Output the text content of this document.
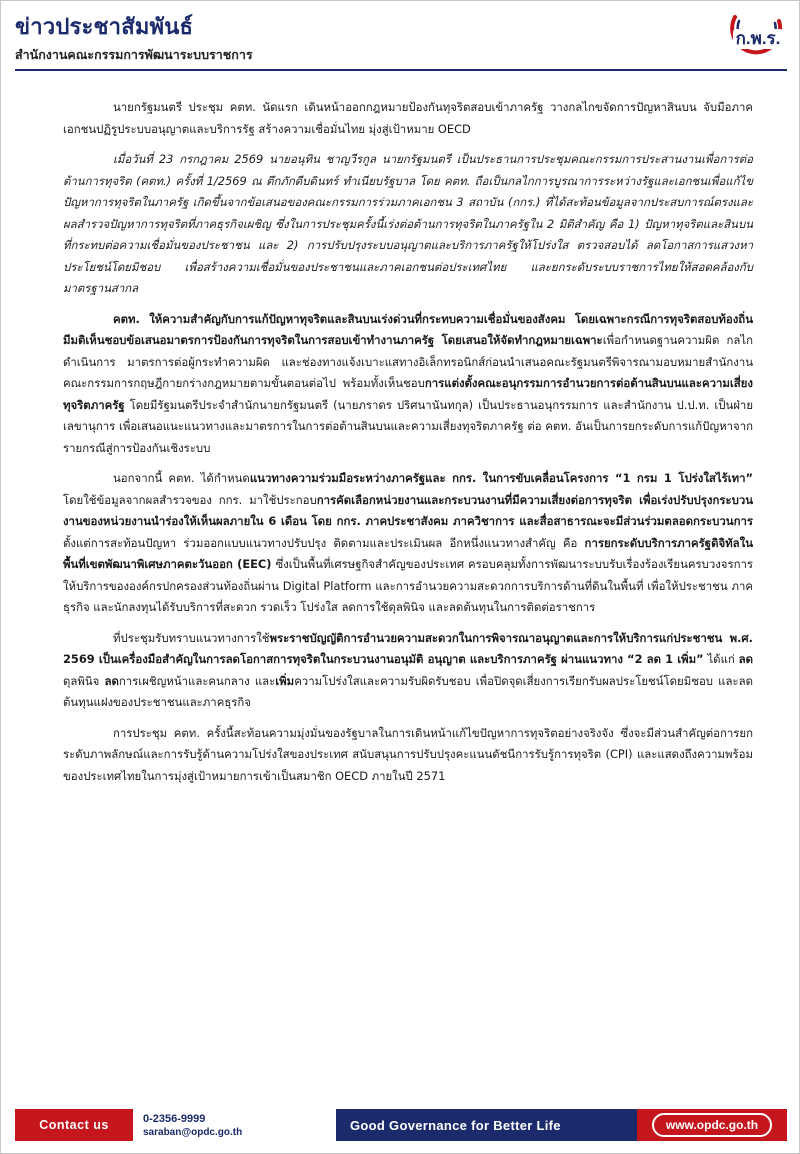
ข่าวประชาสัมพันธ์
สำนักงานคณะกรรมการพัฒนาระบบราชการ
ก.พ.ร.

นายกรัฐมนตรี ประชุม คตท. นัดแรก เดินหน้าออกกฎหมายป้องกันทุจริตสอบเข้าภาครัฐ วางกลไกขจัดการปัญหาสินบน จับมือภาคเอกชนปฏิรูประบบอนุญาตและบริการรัฐ สร้างความเชื่อมั่นไทย มุ่งสู่เป้าหมาย OECD

เมื่อวันที่ 23 กรกฎาคม 2569 นายอนุทิน ชาญวีรกูล นายกรัฐมนตรี เป็นประธานการประชุมคณะกรรมการประสานงานเพื่อการต่อต้านการทุจริต (คตท.) ครั้งที่ 1/2569 ณ ตึกภักดีบดินทร์ ทำเนียบรัฐบาล โดย คตท. ถือเป็นกลไกการบูรณาการระหว่างรัฐและเอกชนเพื่อแก้ไขปัญหาการทุจริตในภาครัฐ เกิดขึ้นจากข้อเสนอของคณะกรรมการร่วมภาคเอกชน 3 สถาบัน (กกร.) ที่ได้สะท้อนข้อมูลจากประสบการณ์ตรงและผลสำรวจปัญหาการทุจริตที่ภาคธุรกิจเผชิญ ซึ่งในการประชุมครั้งนี้เร่งต่อต้านการทุจริตในภาครัฐใน 2 มิติสำคัญ คือ 1) ปัญหาทุจริตและสินบนที่กระทบต่อความเชื่อมั่นของประชาชน และ 2) การปรับปรุงระบบอนุญาตและบริการภาครัฐให้โปร่งใส ตรวจสอบได้ ลดโอกาสการแสวงหาประโยชน์โดยมิชอบ เพื่อสร้างความเชื่อมั่นของประชาชนและภาคเอกชนต่อประเทศไทย และยกระดับระบบราชการไทยให้สอดคล้องกับมาตรฐานสากล

คตท. ให้ความสำคัญกับการแก้ปัญหาทุจริตและสินบนเร่งด่วนที่กระทบความเชื่อมั่นของสังคม โดยเฉพาะกรณีการทุจริตสอบท้องถิ่น มีมติเห็นชอบข้อเสนอมาตรการป้องกันการทุจริตในการสอบเข้าทำงานภาครัฐ โดยเสนอให้จัดทำกฎหมายเฉพาะเพื่อกำหนดฐานความผิด กลไกดำเนินการ มาตรการต่อผู้กระทำความผิด และช่องทางแจ้งเบาะแสทางอิเล็กทรอนิกส์ก่อนนำเสนอคณะรัฐมนตรีพิจารณามอบหมายสำนักงานคณะกรรมการกฤษฎีกายกร่างกฎหมายตามขั้นตอนต่อไป พร้อมทั้งเห็นชอบการแต่งตั้งคณะอนุกรรมการอำนวยการต่อต้านสินบนและความเสี่ยงทุจริตภาครัฐ โดยมีรัฐมนตรีประจำสำนักนายกรัฐมนตรี (นายภราดร ปริศนานันทกุล) เป็นประธานอนุกรรมการ และสำนักงาน ป.ป.ท. เป็นฝ่ายเลขานุการ เพื่อเสนอแนะแนวทางและมาตรการในการต่อต้านสินบนและความเสี่ยงทุจริตภาครัฐ ต่อ คตท. อันเป็นการยกระดับการแก้ปัญหาจากรายกรณีสู่การป้องกันเชิงระบบ

นอกจากนี้ คตท. ได้กำหนดแนวทางความร่วมมือระหว่างภาครัฐและ กกร. ในการขับเคลื่อนโครงการ “1 กรม 1 โปร่งใสไร้เทา” โดยใช้ข้อมูลจากผลสำรวจของ กกร. มาใช้ประกอบการคัดเลือกหน่วยงานและกระบวนงานที่มีความเสี่ยงต่อการทุจริต เพื่อเร่งปรับปรุงกระบวนงานของหน่วยงานนำร่องให้เห็นผลภายใน 6 เดือน โดย กกร. ภาคประชาสังคม ภาควิชาการ และสื่อสาธารณะจะมีส่วนร่วมตลอดกระบวนการ ตั้งแต่การสะท้อนปัญหา ร่วมออกแบบแนวทางปรับปรุง ติดตามและประเมินผล อีกหนึ่งแนวทางสำคัญ คือ การยกระดับบริการภาครัฐดิจิทัลในพื้นที่เขตพัฒนาพิเศษภาคตะวันออก (EEC) ซึ่งเป็นพื้นที่เศรษฐกิจสำคัญของประเทศ ครอบคลุมทั้งการพัฒนาระบบรับเรื่องร้องเรียนครบวงจรการให้บริการขององค์กรปกครองส่วนท้องถิ่นผ่าน Digital Platform และการอำนวยความสะดวกการบริการด้านที่ดินในพื้นที่ เพื่อให้ประชาชน ภาคธุรกิจ และนักลงทุนได้รับบริการที่สะดวก รวดเร็ว โปร่งใส ลดการใช้ดุลพินิจ และลดต้นทุนในการติดต่อราชการ

ที่ประชุมรับทราบแนวทางการใช้พระราชบัญญัติการอำนวยความสะดวกในการพิจารณาอนุญาตและการให้บริการแก่ประชาชน พ.ศ. 2569 เป็นเครื่องมือสำคัญในการลดโอกาสการทุจริตในกระบวนงานอนุมัติ อนุญาต และบริการภาครัฐ ผ่านแนวทาง “2 ลด 1 เพิ่ม” ได้แก่ ลดดุลพินิจ ลดการเผชิญหน้าและคนกลาง และเพิ่มความโปร่งใสและความรับผิดรับชอบ เพื่อปิดจุดเสี่ยงการเรียกรับผลประโยชน์โดยมิชอบ และลดต้นทุนแฝงของประชาชนและภาคธุรกิจ

การประชุม คตท. ครั้งนี้สะท้อนความมุ่งมั่นของรัฐบาลในการเดินหน้าแก้ไขปัญหาการทุจริตอย่างจริงจัง ซึ่งจะมีส่วนสำคัญต่อการยกระดับภาพลักษณ์และการรับรู้ด้านความโปร่งใสของประเทศ สนับสนุนการปรับปรุงคะแนนดัชนีการรับรู้การทุจริต (CPI) และแสดงถึงความพร้อมของประเทศไทยในการมุ่งสู่เป้าหมายการเข้าเป็นสมาชิก OECD ภายในปี 2571

Contact us	0-2356-9999
saraban@opdc.go.th	Good Governance for Better Life	www.opdc.go.th
